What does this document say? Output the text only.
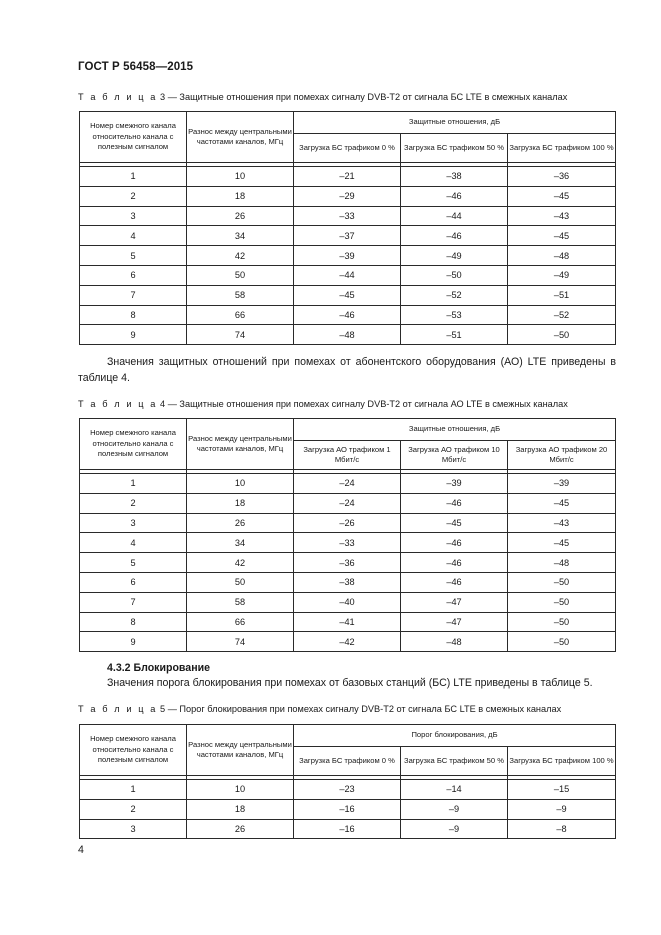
ГОСТ Р 56458—2015
Т а б л и ц а 3 — Защитные отношения при помехах сигналу DVB-T2 от сигнала БС LTE в смежных каналах
Номер смежного канала относительно канала с полезным сигналом	Разнос между центральными частотами каналов, МГц	Защитные отношения, дБ		
		Загрузка БС трафиком 0 %	Загрузка БС трафиком 50 %	Загрузка БС трафиком 100 %

1	10	–21	–38	–36
2	18	–29	–46	–45
3	26	–33	–44	–43
4	34	–37	–46	–45
5	42	–39	–49	–48
6	50	–44	–50	–49
7	58	–45	–52	–51
8	66	–46	–53	–52
9	74	–48	–51	–50
Значения защитных отношений при помехах от абонентского оборудования (АО) LTE приведены в таблице 4.
Т а б л и ц а 4 — Защитные отношения при помехах сигналу DVB-T2 от сигнала АО LTE в смежных каналах
Номер смежного канала относительно канала с полезным сигналом	Разнос между центральными частотами каналов, МГц	Защитные отношения, дБ		
		Загрузка АО трафиком 1 Мбит/с	Загрузка АО трафиком 10 Мбит/с	Загрузка АО трафиком 20 Мбит/с

1	10	–24	–39	–39
2	18	–24	–46	–45
3	26	–26	–45	–43
4	34	–33	–46	–45
5	42	–36	–46	–48
6	50	–38	–46	–50
7	58	–40	–47	–50
8	66	–41	–47	–50
9	74	–42	–48	–50
4.3.2 Блокирование
Значения порога блокирования при помехах от базовых станций (БС) LTE приведены в таблице 5.
Т а б л и ц а 5 — Порог блокирования при помехах сигналу DVB-T2 от сигнала БС LTE в смежных каналах
Номер смежного канала относительно канала с полезным сигналом	Разнос между центральными частотами каналов, МГц	Порог блокирования, дБ		
		Загрузка БС трафиком 0 %	Загрузка БС трафиком 50 %	Загрузка БС трафиком 100 %

1	10	–23	–14	–15
2	18	–16	–9	–9
3	26	–16	–9	–8
4
